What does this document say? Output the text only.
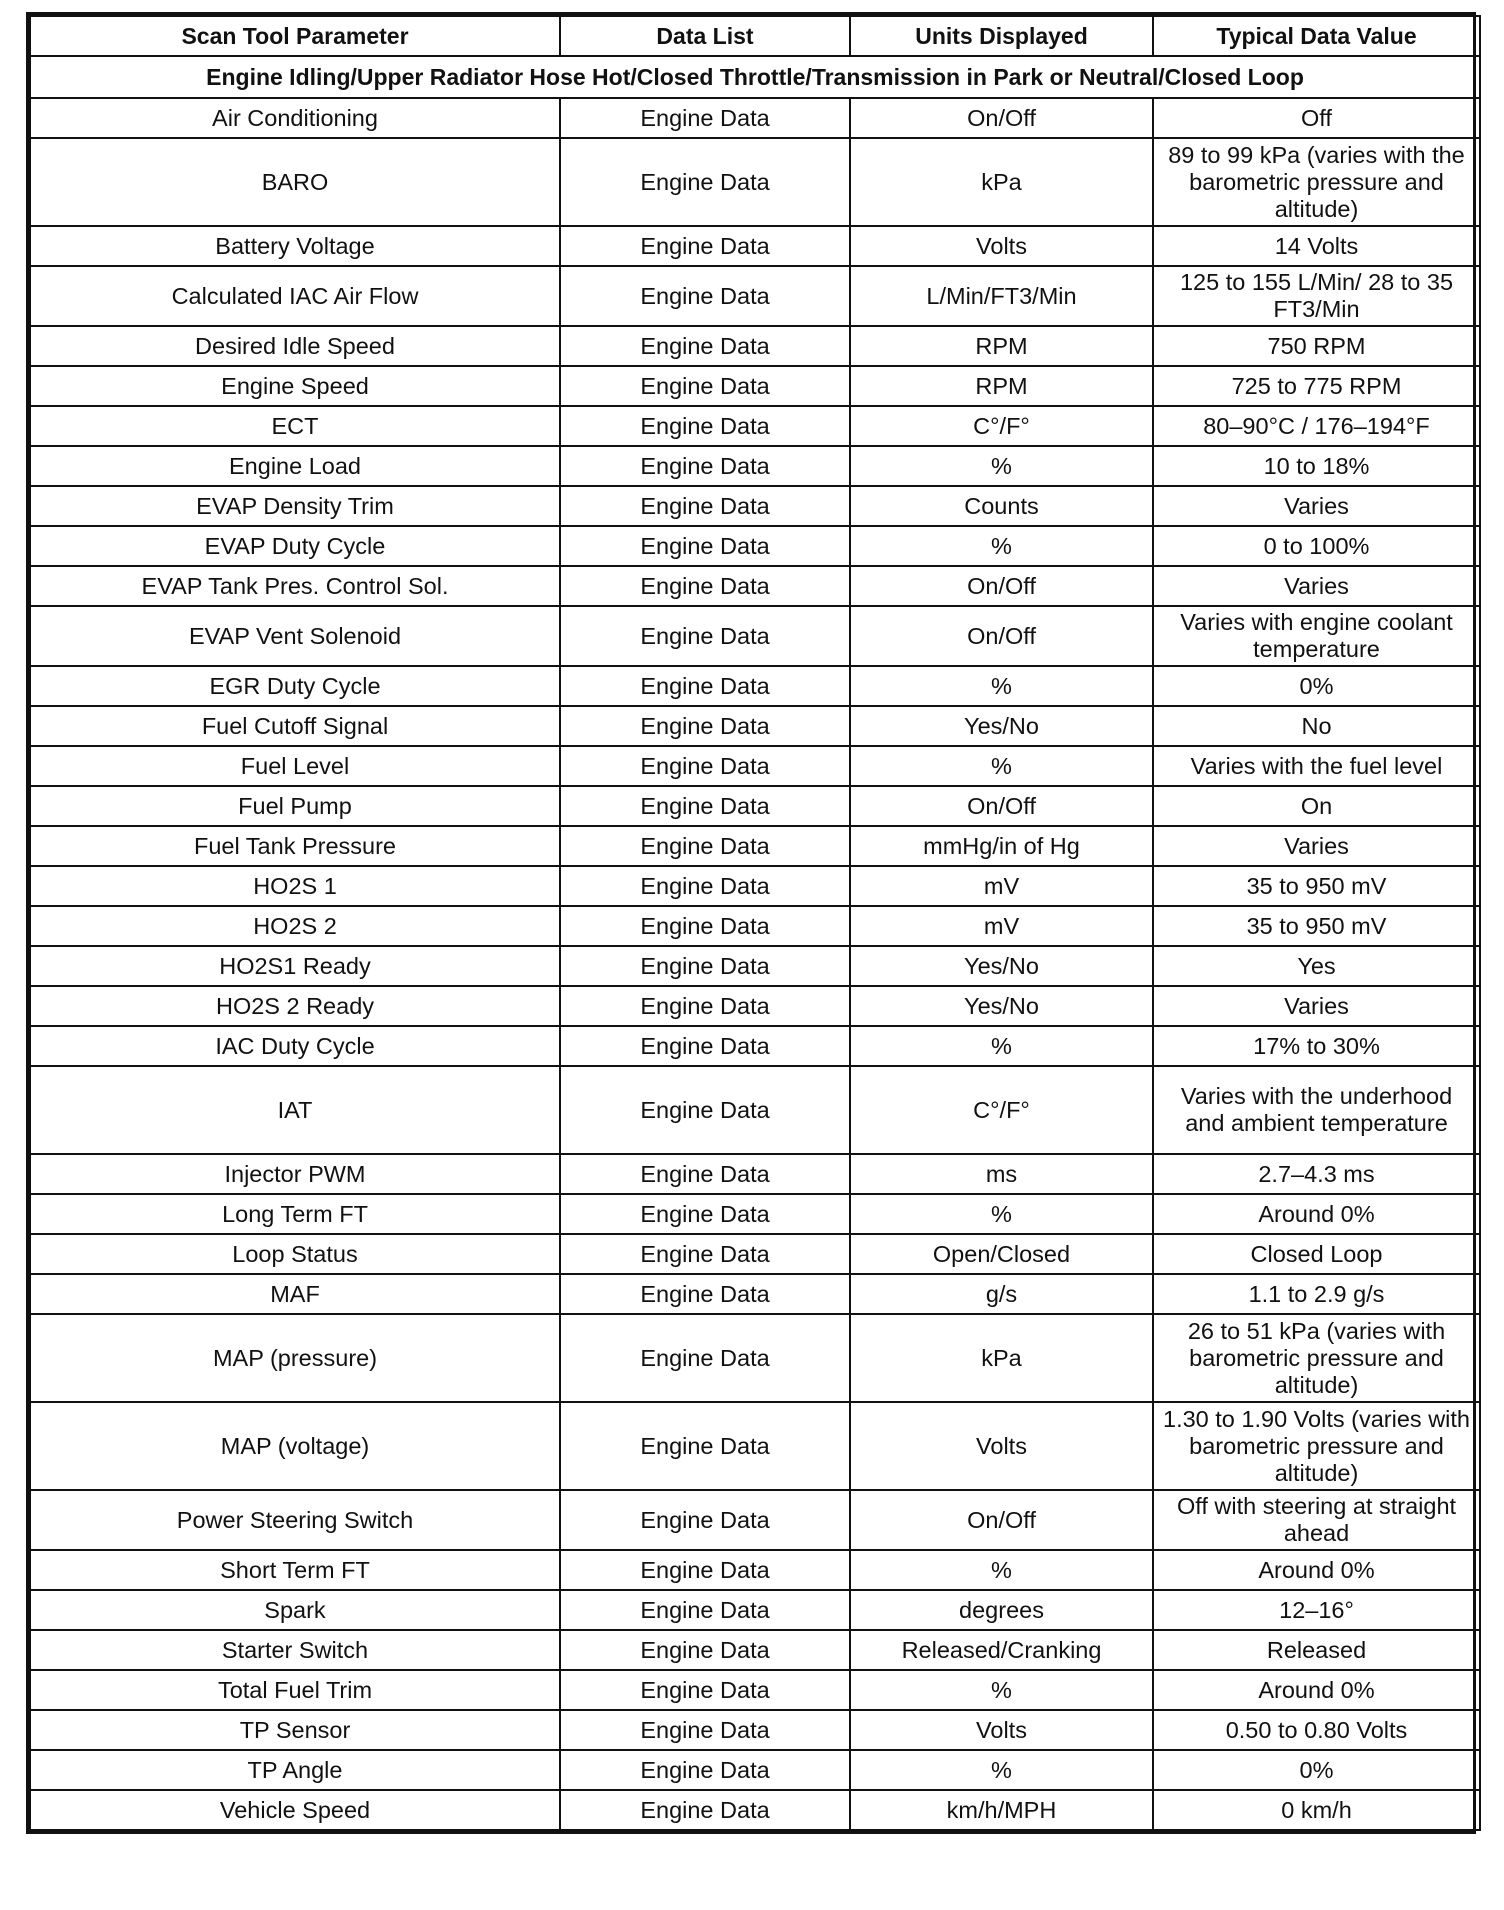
Scan Tool Parameter	Data List	Units Displayed	Typical Data Value
Engine Idling/Upper Radiator Hose Hot/Closed Throttle/Transmission in Park or Neutral/Closed Loop			
Air Conditioning	Engine Data	On/Off	Off
BARO	Engine Data	kPa	89 to 99 kPa (varies with the barometric pressure and altitude)
Battery Voltage	Engine Data	Volts	14 Volts
Calculated IAC Air Flow	Engine Data	L/Min/FT3/Min	125 to 155 L/Min/ 28 to 35 FT3/Min
Desired Idle Speed	Engine Data	RPM	750 RPM
Engine Speed	Engine Data	RPM	725 to 775 RPM
ECT	Engine Data	C°/F°	80–90°C / 176–194°F
Engine Load	Engine Data	%	10 to 18%
EVAP Density Trim	Engine Data	Counts	Varies
EVAP Duty Cycle	Engine Data	%	0 to 100%
EVAP Tank Pres. Control Sol.	Engine Data	On/Off	Varies
EVAP Vent Solenoid	Engine Data	On/Off	Varies with engine coolant temperature
EGR Duty Cycle	Engine Data	%	0%
Fuel Cutoff Signal	Engine Data	Yes/No	No
Fuel Level	Engine Data	%	Varies with the fuel level
Fuel Pump	Engine Data	On/Off	On
Fuel Tank Pressure	Engine Data	mmHg/in of Hg	Varies
HO2S 1	Engine Data	mV	35 to 950 mV
HO2S 2	Engine Data	mV	35 to 950 mV
HO2S1 Ready	Engine Data	Yes/No	Yes
HO2S 2 Ready	Engine Data	Yes/No	Varies
IAC Duty Cycle	Engine Data	%	17% to 30%
IAT	Engine Data	C°/F°	Varies with the underhood and ambient temperature
Injector PWM	Engine Data	ms	2.7–4.3 ms
Long Term FT	Engine Data	%	Around 0%
Loop Status	Engine Data	Open/Closed	Closed Loop
MAF	Engine Data	g/s	1.1 to 2.9 g/s
MAP (pressure)	Engine Data	kPa	26 to 51 kPa (varies with barometric pressure and altitude)
MAP (voltage)	Engine Data	Volts	1.30 to 1.90 Volts (varies with barometric pressure and altitude)
Power Steering Switch	Engine Data	On/Off	Off with steering at straight ahead
Short Term FT	Engine Data	%	Around 0%
Spark	Engine Data	degrees	12–16°
Starter Switch	Engine Data	Released/Cranking	Released
Total Fuel Trim	Engine Data	%	Around 0%
TP Sensor	Engine Data	Volts	0.50 to 0.80 Volts
TP Angle	Engine Data	%	0%
Vehicle Speed	Engine Data	km/h/MPH	0 km/h
